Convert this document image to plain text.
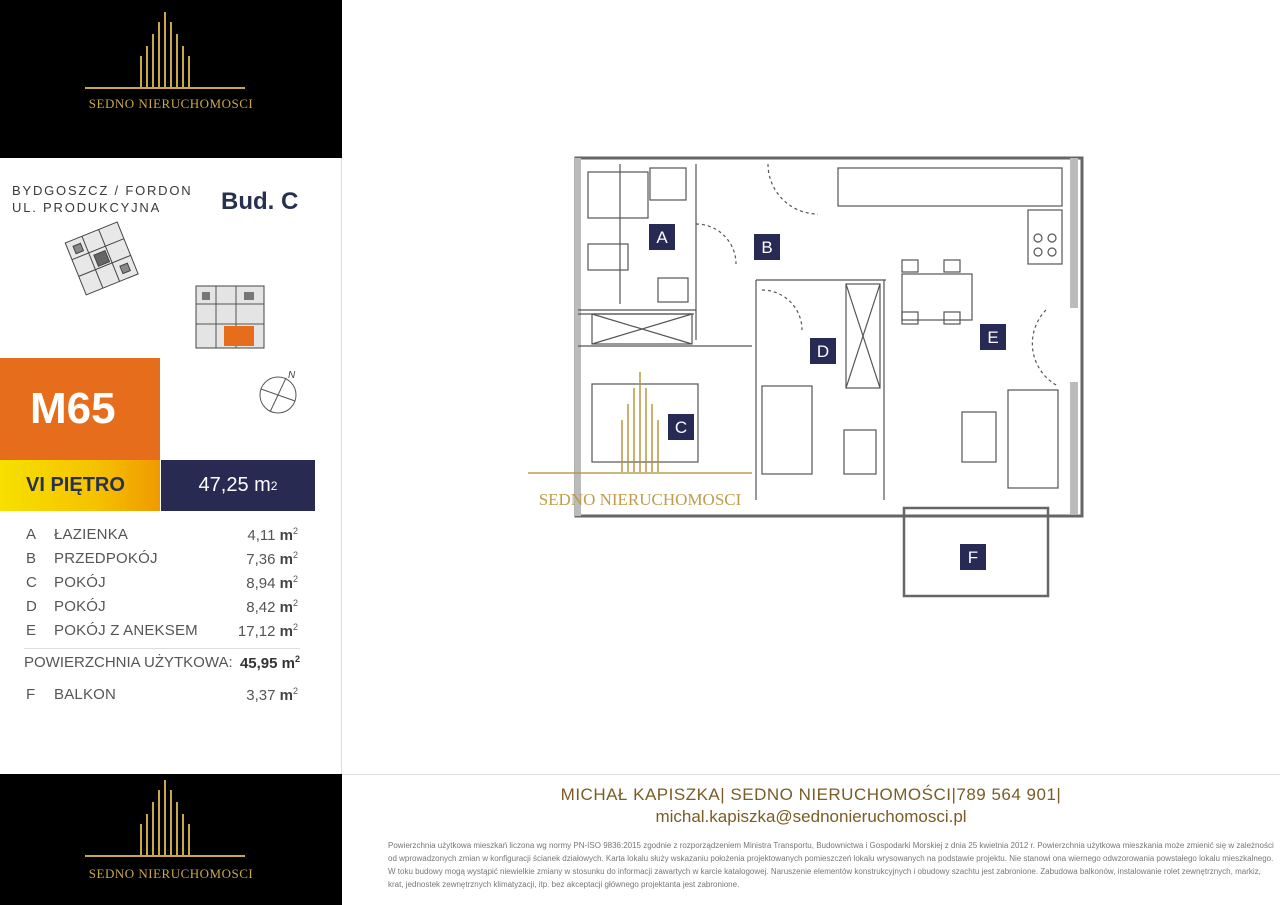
SEDNO NIERUCHOMOSCI
BYDGOSZCZ / FORDON
UL. PRODUKCYJNA	Bud. C
M65
N
VI PIĘTRO	47,25 m 2
A ŁAZIENKA	4,11 $m^2$
B PRZEDPOKÓJ	7,36 $m^2$
C POKÓJ	8,94 $m^2$
D POKÓJ	8,42 $m^2$
E POKÓJ Z ANEKSEM	17,12 $m^2$
POWIERZCHNIA UŻYTKOWA: 45,95 $m^2$
F BALKON	3,37 $m^2$
A
B
C
D
E
F
SEDNO NIERUCHOMOSCI
MICHAŁ KAPISZKA| SEDNO NIERUCHOMOŚCI|789 564 901|
michal.kapiszka@sednonieruchomosci.pl
Powierzchnia użytkowa mieszkań liczona wg normy PN-ISO 9836:2015 zgodnie z rozporządzeniem Ministra Transportu, Budownictwa i Gospodarki Morskiej z dnia 25 kwietnia 2012 r. Powierzchnia użytkowa mieszkania może zmienić się w zależności od wprowadzonych zmian w konfiguracji ścianek działowych. Karta lokalu służy wskazaniu położenia projektowanych pomieszczeń lokalu wrysowanych na podstawie projektu. Nie stanowi ona wiernego odwzorowania powstałego lokalu mieszkalnego. W toku budowy mogą wystąpić niewielkie zmiany w stosunku do informacji zawartych w karcie katalogowej. Naruszenie elementów konstrukcyjnych i obudowy szachtu jest zabronione. Zabudowa balkonów, instalowanie rolet zewnętrznych, markiz, krat, jednostek zewnętrznych klimatyzacji, itp. bez akceptacji głównego projektanta jest zabronione.
SEDNO NIERUCHOMOSCI
